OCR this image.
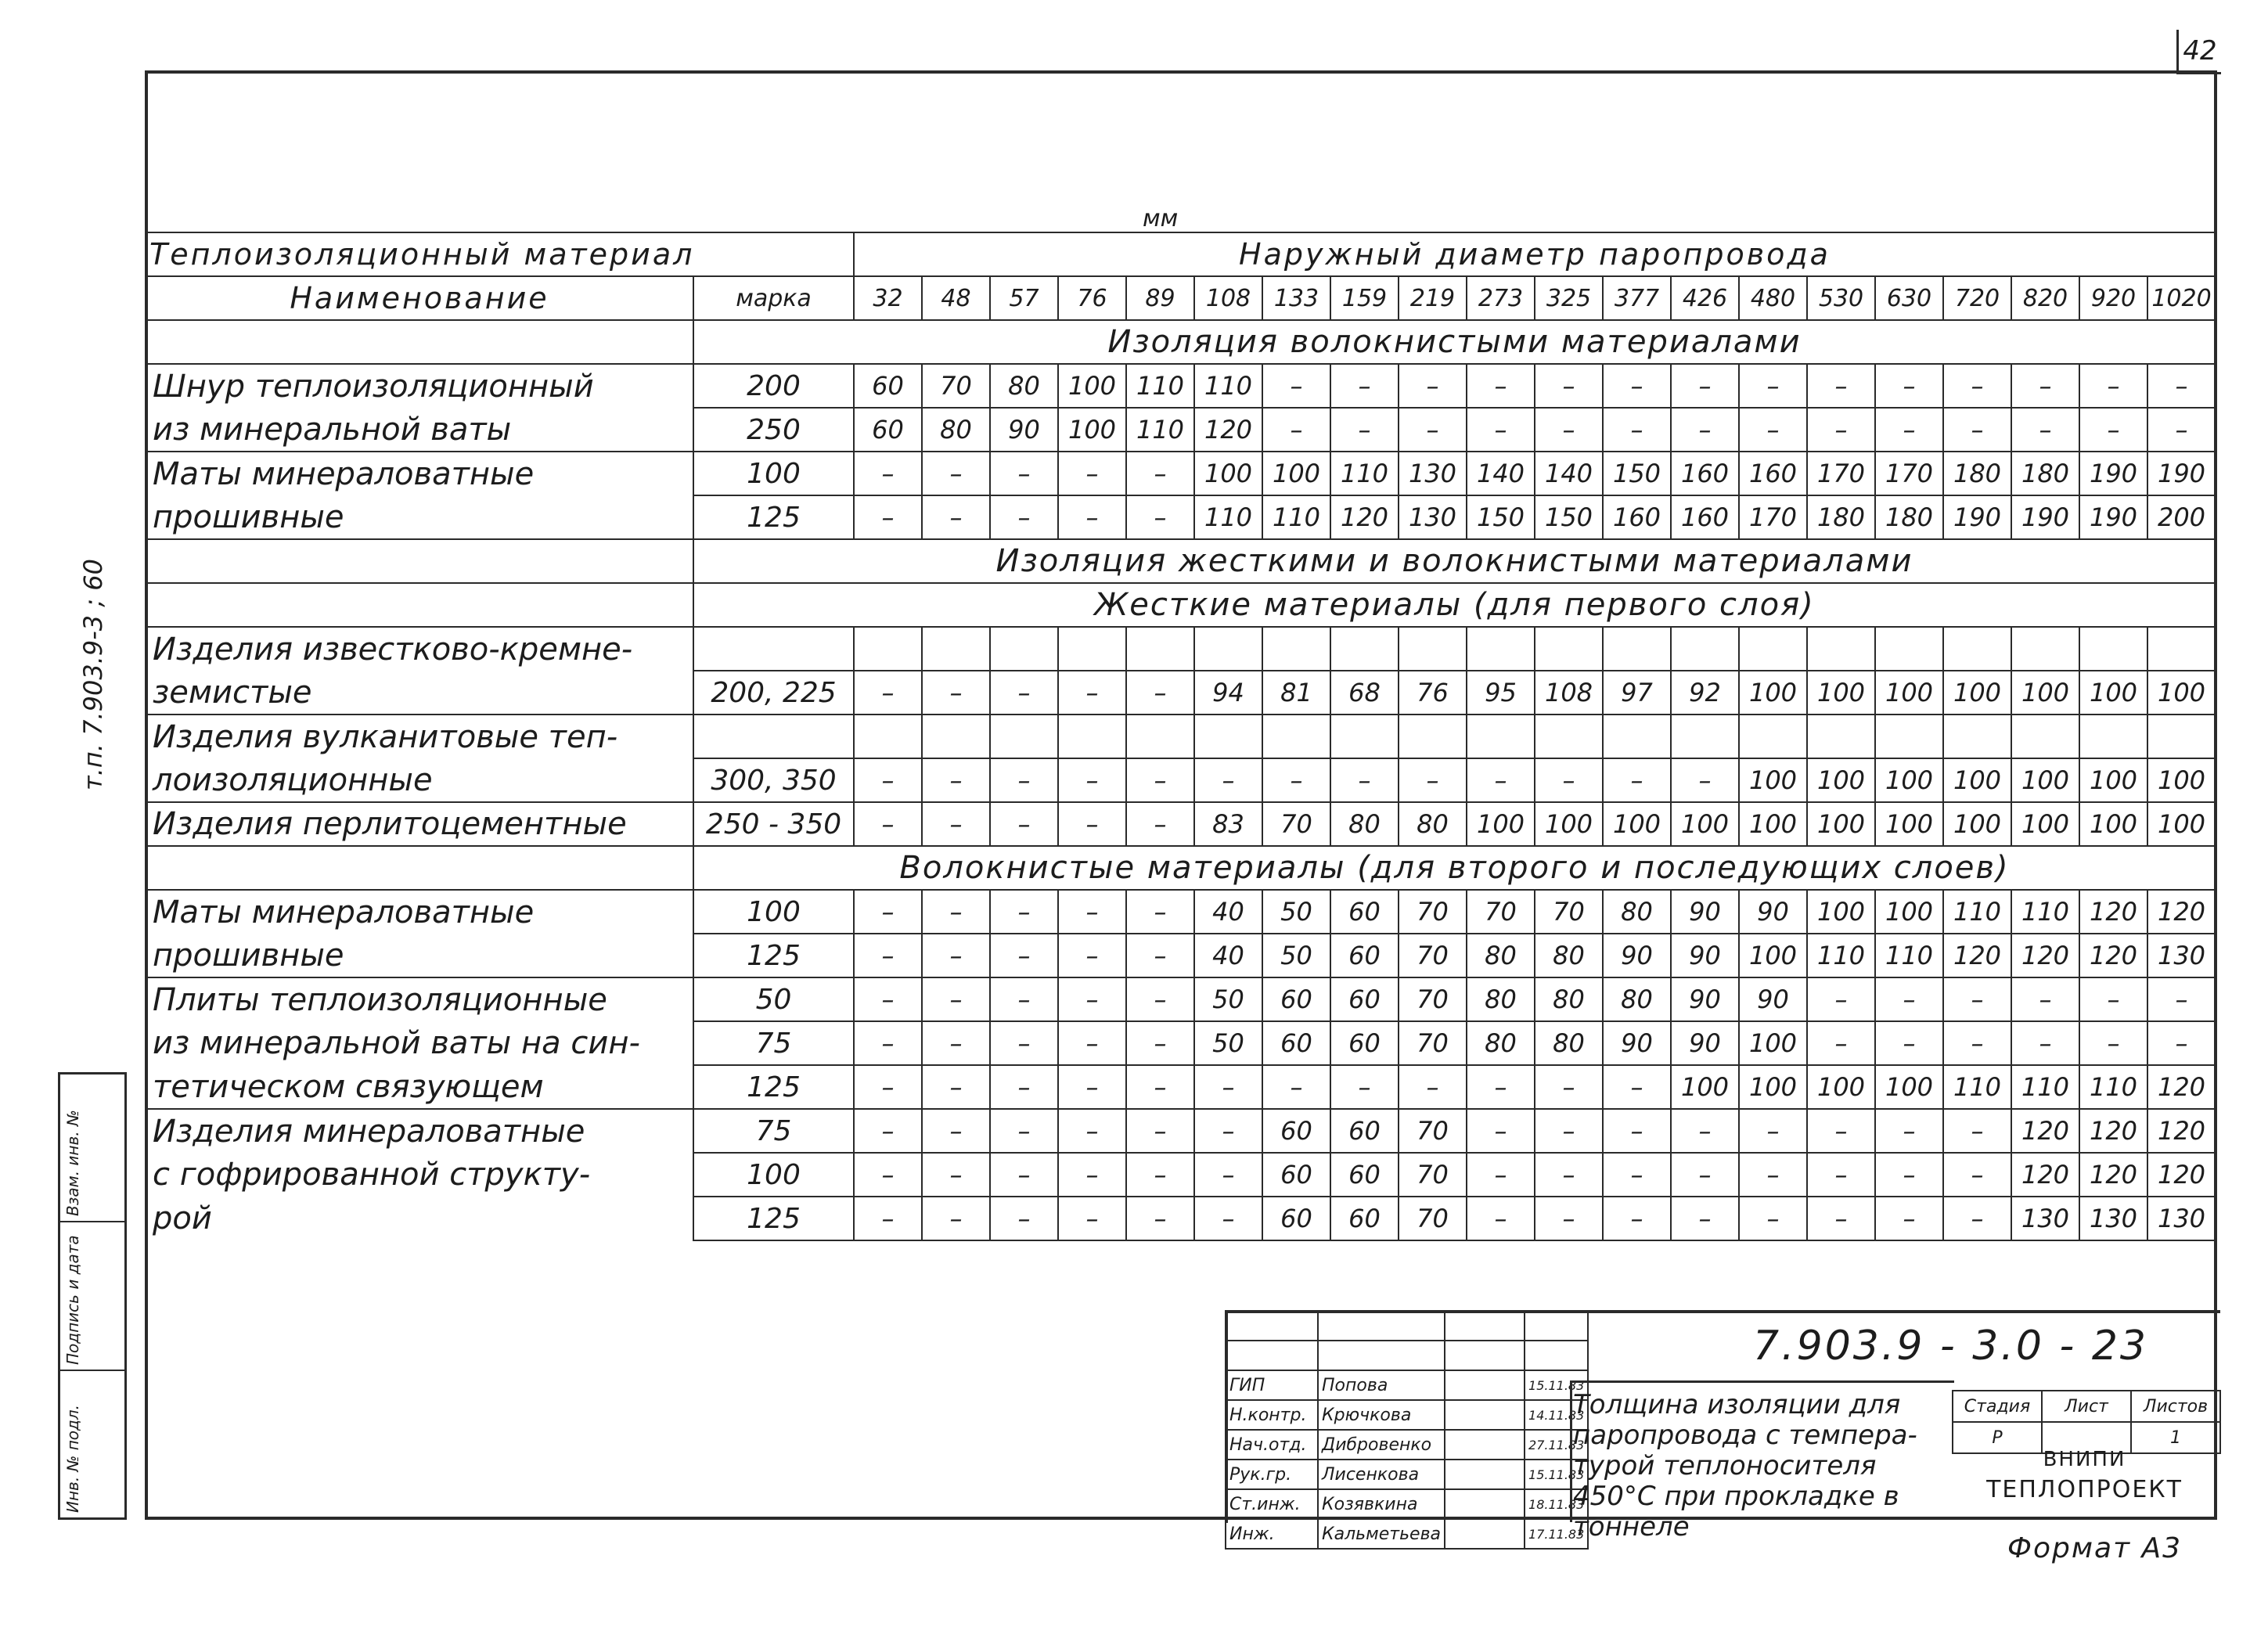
42
мм
т.п. 7.903.9-3 ; 60
Взам. инв. №
Подпись и дата
Инв. № подл.
Теплоизоляционный материал		Наружный диаметр паропровода																			
Наименование	марка	32	48	57	76	89	108	133	159	219	273	325	377	426	480	530	630	720	820	920	1020
	Изоляция волокнистыми материалами																				
Шнур теплоизоляционный	200	60	70	80	100	110	110	–	–	–	–	–	–	–	–	–	–	–	–	–	–
из минеральной ваты	250	60	80	90	100	110	120	–	–	–	–	–	–	–	–	–	–	–	–	–	–
Маты минераловатные	100	–	–	–	–	–	100	100	110	130	140	140	150	160	160	170	170	180	180	190	190
прошивные	125	–	–	–	–	–	110	110	120	130	150	150	160	160	170	180	180	190	190	190	200
	Изоляция жесткими и волокнистыми материалами																				
	Жесткие материалы (для первого слоя)																				
Изделия известково-кремне-																					
земистые	200, 225	–	–	–	–	–	94	81	68	76	95	108	97	92	100	100	100	100	100	100	100
Изделия вулканитовые теп-																					
лоизоляционные	300, 350	–	–	–	–	–	–	–	–	–	–	–	–	–	100	100	100	100	100	100	100
Изделия перлитоцементные	250 - 350	–	–	–	–	–	83	70	80	80	100	100	100	100	100	100	100	100	100	100	100
	Волокнистые материалы (для второго и последующих слоев)																				
Маты минераловатные	100	–	–	–	–	–	40	50	60	70	70	70	80	90	90	100	100	110	110	120	120
прошивные	125	–	–	–	–	–	40	50	60	70	80	80	90	90	100	110	110	120	120	120	130
Плиты теплоизоляционные	50	–	–	–	–	–	50	60	60	70	80	80	80	90	90	–	–	–	–	–	–
из минеральной ваты на син-	75	–	–	–	–	–	50	60	60	70	80	80	90	90	100	–	–	–	–	–	–
тетическом связующем	125	–	–	–	–	–	–	–	–	–	–	–	–	100	100	100	100	110	110	110	120
Изделия минераловатные	75	–	–	–	–	–	–	60	60	70	–	–	–	–	–	–	–	–	120	120	120
с гофрированной структу-	100	–	–	–	–	–	–	60	60	70	–	–	–	–	–	–	–	–	120	120	120
рой	125	–	–	–	–	–	–	60	60	70	–	–	–	–	–	–	–	–	130	130	130
7.903.9 - 3.0 - 23

ГИП	Попова		15.11.83
Н.контр.	Крючкова		14.11.83
Нач.отд.	Дибровенко		27.11.83
Рук.гр.	Лисенкова		15.11.83
Ст.инж.	Козявкина		18.11.83
Инж.	Кальметьева		17.11.83
Толщина изоляции для паропровода с темпера- турой теплоносителя 450°С при прокладке в тоннеле
Стадия	Лист	Листов
Р		1
ВНИПИ
ТЕПЛОПРОЕКТ
Формат А3
